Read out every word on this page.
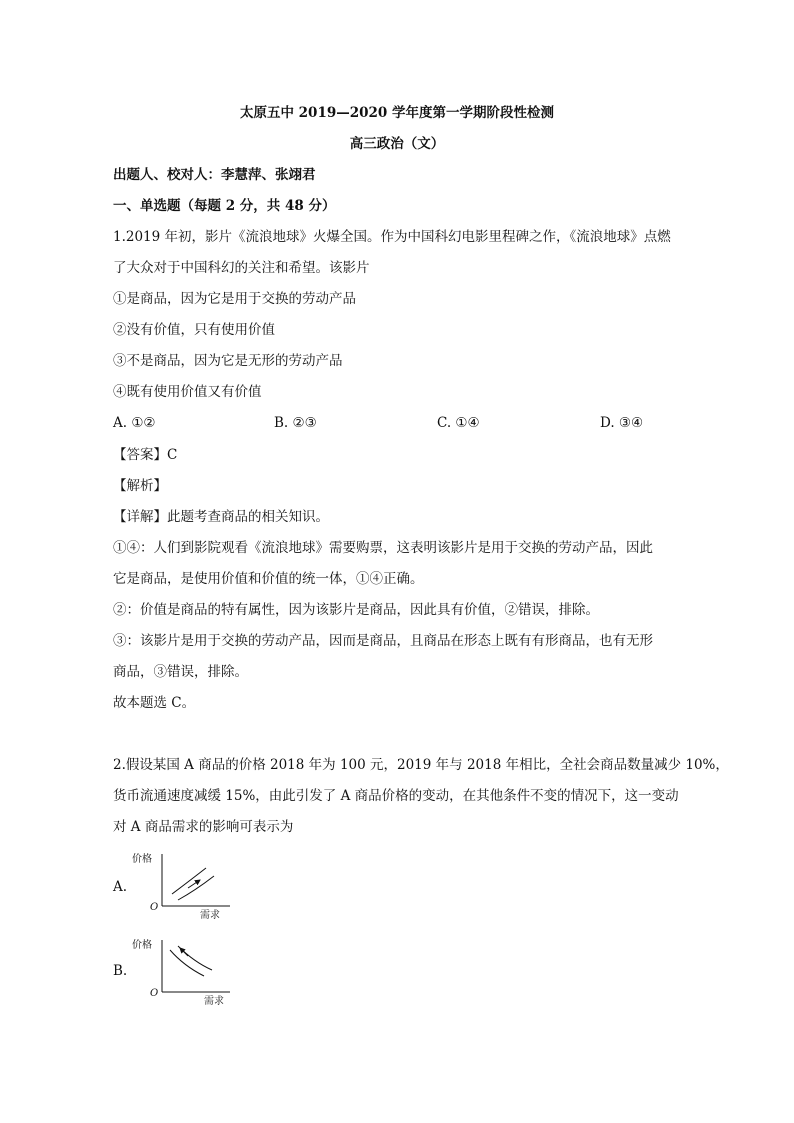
太原五中 2019—2020 学年度第一学期阶段性检测
高三政治（文）
出题人、校对人：李慧萍、张翊君
一、单选题（每题 2 分，共 48 分）
1.2019 年初，影片《流浪地球》火爆全国。作为中国科幻电影里程碑之作，《流浪地球》点燃
了大众对于中国科幻的关注和希望。该影片
①是商品，因为它是用于交换的劳动产品
②没有价值，只有使用价值
③不是商品，因为它是无形的劳动产品
④既有使用价值又有价值
A. ①②	B. ②③	C. ①④	D. ③④
【答案】C
【解析】
【详解】此题考查商品的相关知识。
①④：人们到影院观看《流浪地球》需要购票，这表明该影片是用于交换的劳动产品，因此
它是商品，是使用价值和价值的统一体，①④正确。
②：价值是商品的特有属性，因为该影片是商品，因此具有价值，②错误，排除。
③：该影片是用于交换的劳动产品，因而是商品，且商品在形态上既有有形商品，也有无形
商品，③错误，排除。
故本题选 C。
2.假设某国 A 商品的价格 2018 年为 100 元，2019 年与 2018 年相比，全社会商品数量减少 10%，
货币流通速度减缓 15%，由此引发了 A 商品价格的变动，在其他条件不变的情况下，这一变动
对 A 商品需求的影响可表示为
A.
价格
O
需求
B.
价格
O
需求
